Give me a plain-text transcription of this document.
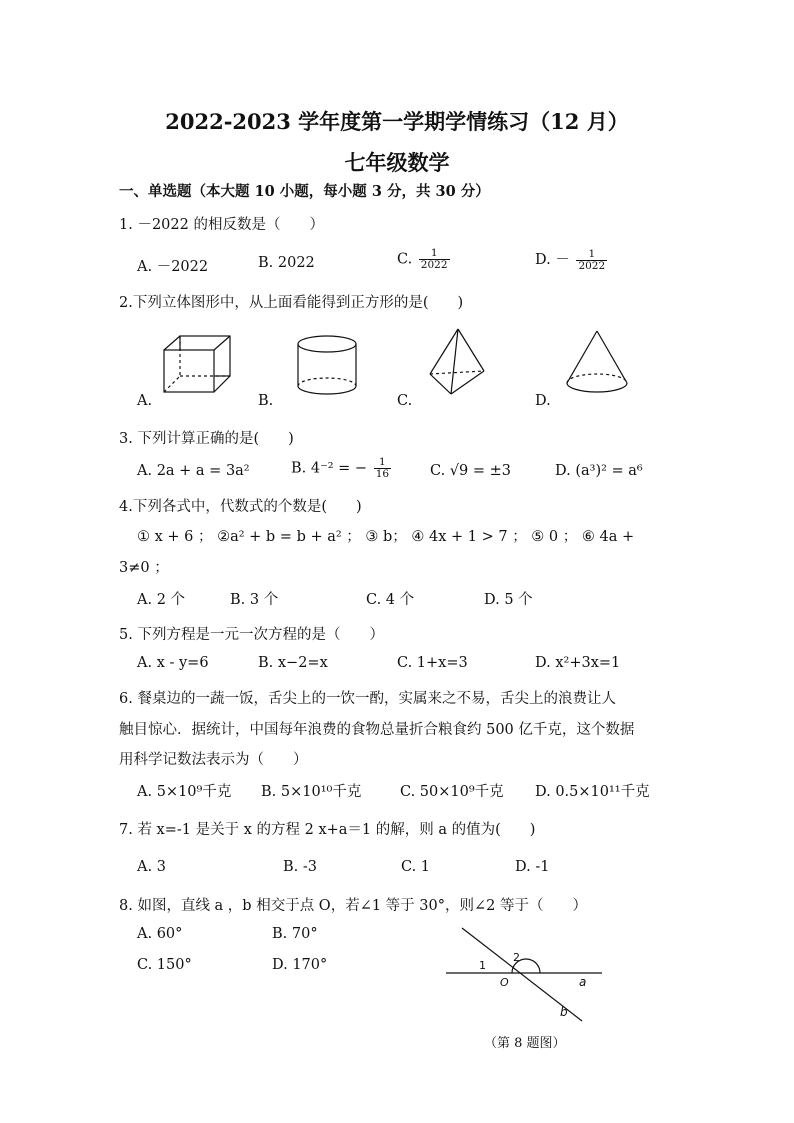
2022-2023 学年度第一学期学情练习（12 月）
七年级数学
一、单选题（本大题 10 小题，每小题 3 分，共 30 分）
1. －2022 的相反数是（　　）
A. －2022	B. 2022	C. $\frac{1}{2022}$	D. － $\frac{1}{2022}$
2.下列立体图形中，从上面看能得到正方形的是(　　)
A.	B.	C.	D.
3. 下列计算正确的是(　　)
A. 2a + a = 3a²	B. 4⁻² = − $\frac{1}{16}$	C. √9 = ±3	D. (a³)² = a⁶
4.下列各式中，代数式的个数是(　　)
① x + 6 ； ②a² + b = b + a² ； ③ b； ④ 4x + 1 > 7 ； ⑤ 0 ； ⑥ 4a +
3≠0 ；
A. 2 个	B. 3 个	C. 4 个	D. 5 个
5. 下列方程是一元一次方程的是（　　）
A. x - y=6	B. x−2=x	C. 1+x=3	D. x²+3x=1
6. 餐桌边的一蔬一饭，舌尖上的一饮一酌，实属来之不易，舌尖上的浪费让人
触目惊心．据统计，中国每年浪费的食物总量折合粮食约 500 亿千克，这个数据
用科学记数法表示为（　　）
A. 5×10⁹千克 B. 5×10¹⁰千克	C. 50×10⁹千克 D. 0.5×10¹¹千克
7. 若 x=-1 是关于 x 的方程 2 x+a＝1 的解，则 a 的值为(　　)
A. 3	B. -3	C. 1	D. -1
8. 如图，直线 a ，b 相交于点 O，若∠1 等于 30°，则∠2 等于（　　）
A. 60°	B. 70°
C. 150°	D. 170°	1
2
O	a
b
（第 8 题图）
